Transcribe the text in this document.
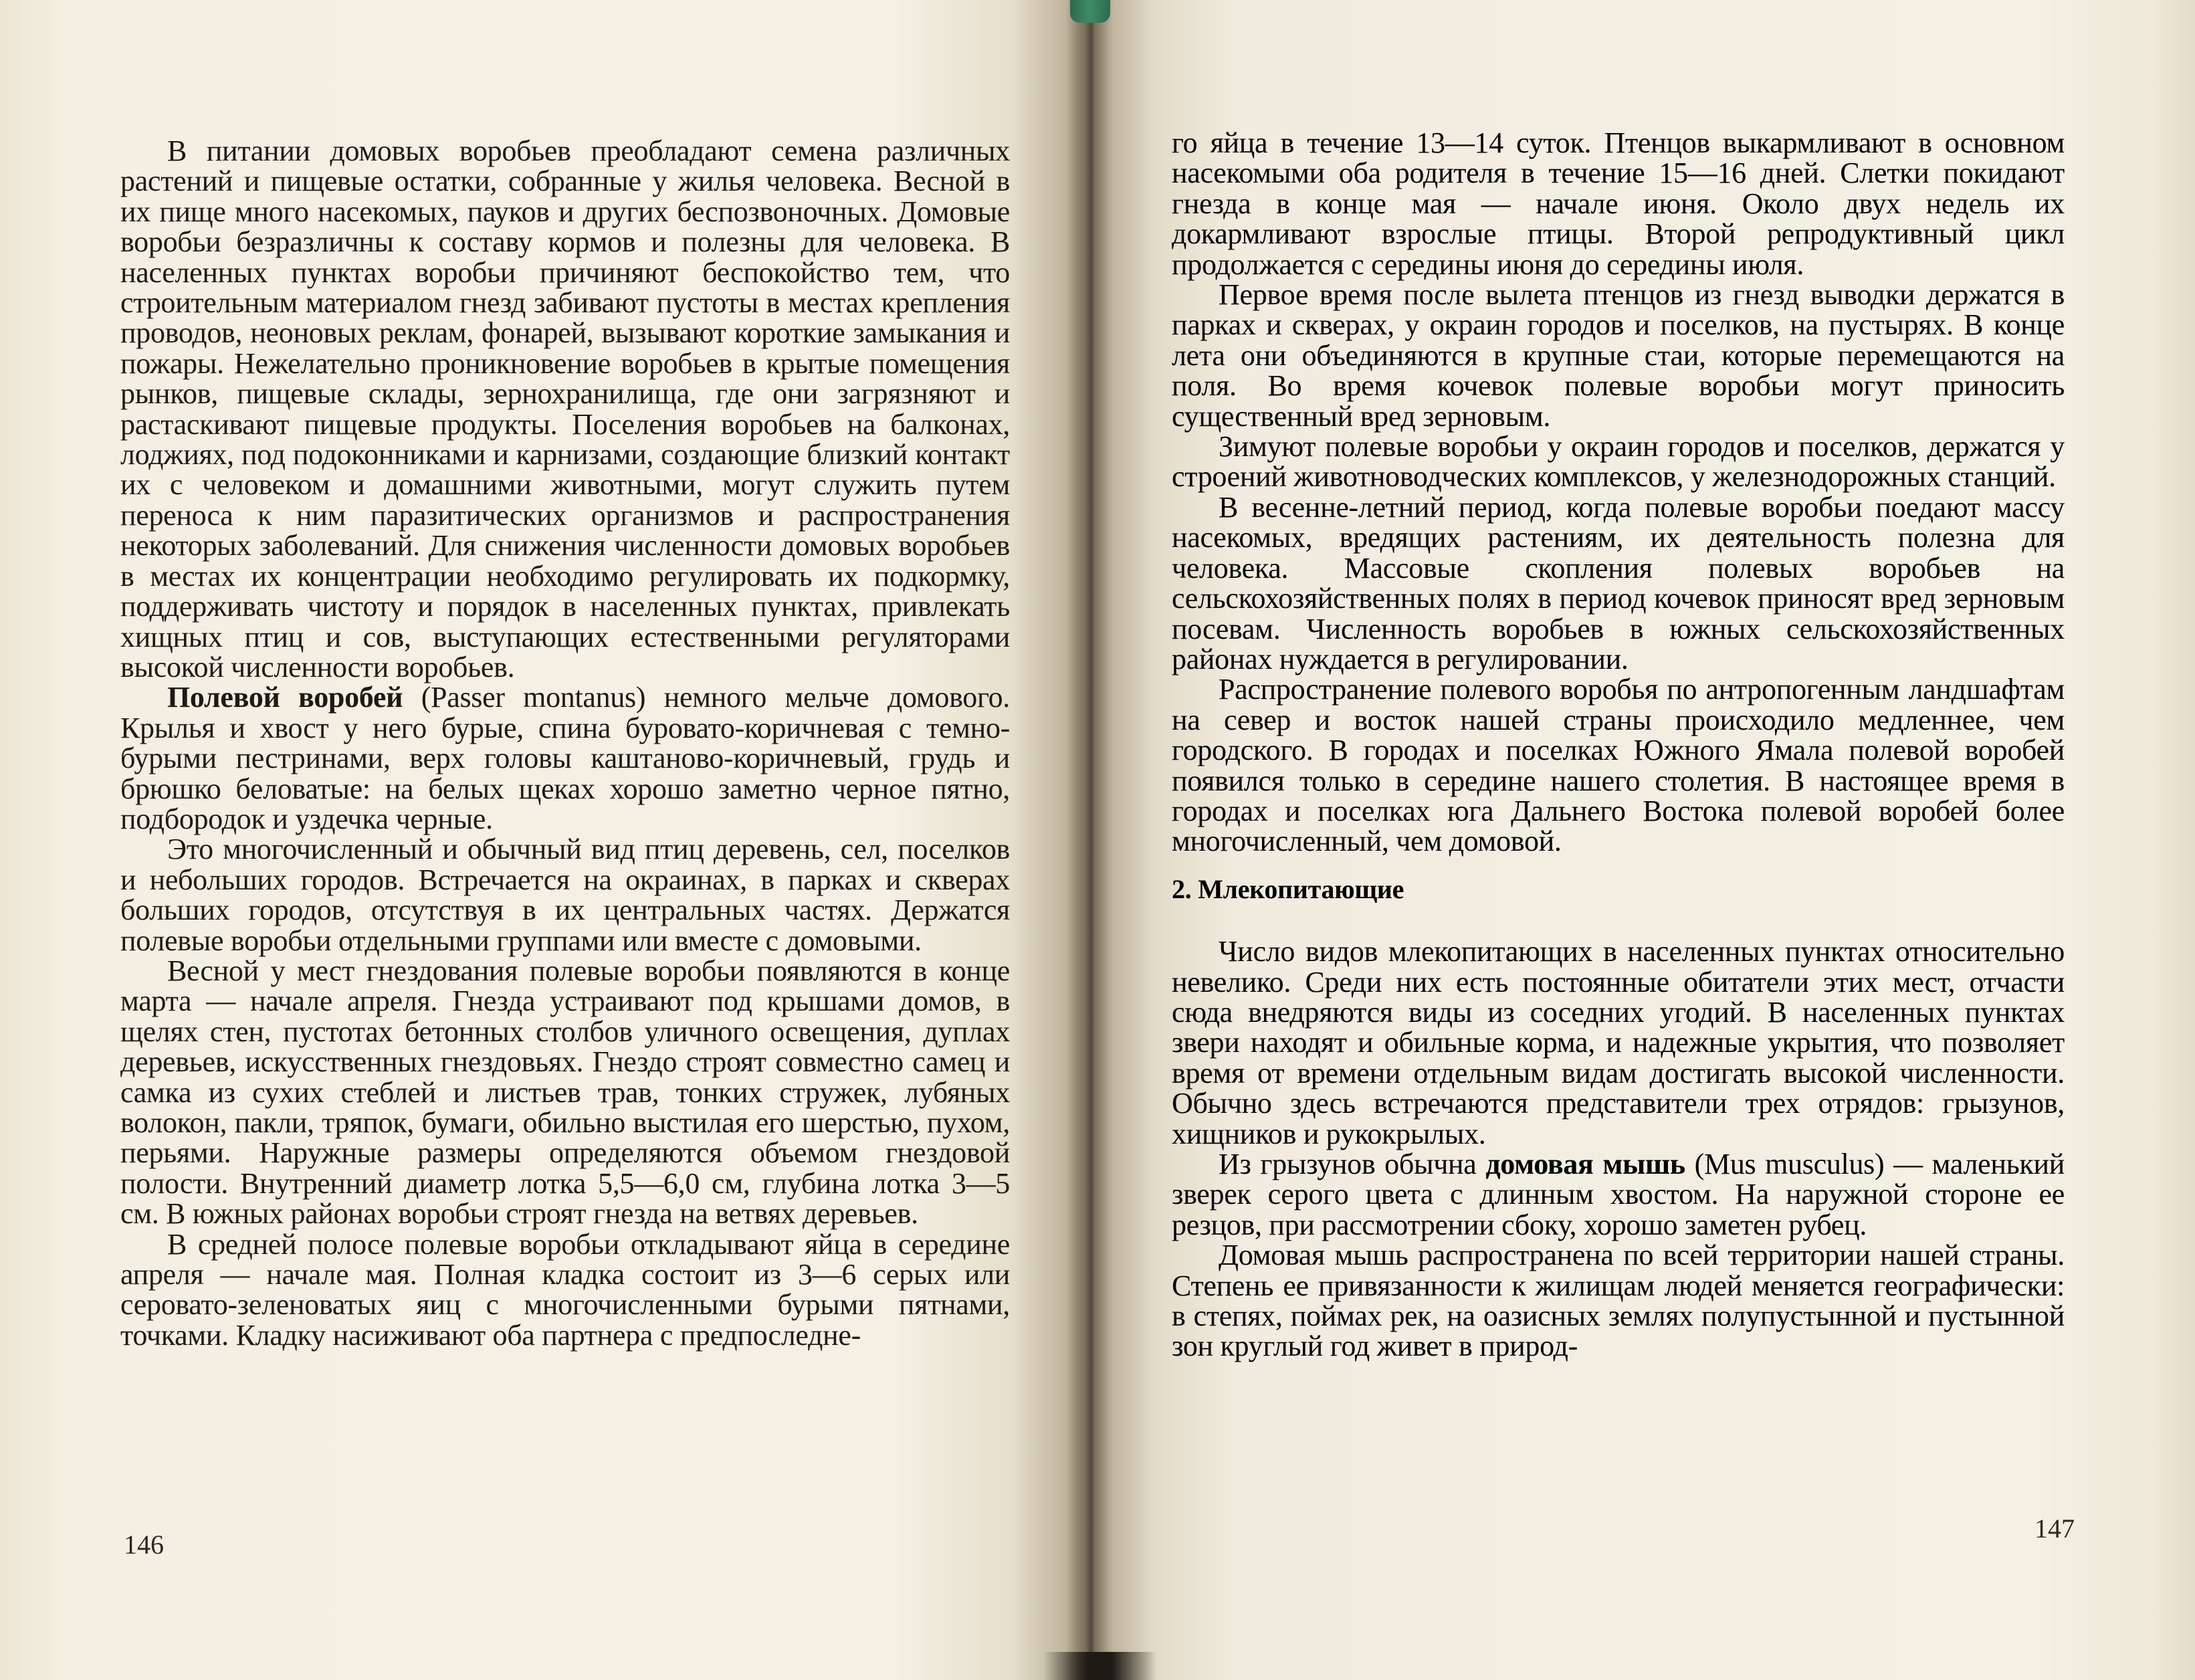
В питании домовых воробьев преобладают семена различных растений и пищевые остатки, собранные у жилья человека. Весной в их пище много насекомых, пауков и других беспозвоночных. Домовые воробьи безразличны к составу кормов и полезны для человека. В населенных пунктах воробьи причиняют беспокойство тем, что строительным материалом гнезд забивают пустоты в местах крепления проводов, неоновых реклам, фонарей, вызывают короткие замыкания и пожары. Нежелательно проникновение воробьев в крытые помещения рынков, пищевые склады, зернохранилища, где они загрязняют и растаскивают пищевые продукты. Поселения воробьев на балконах, лоджиях, под подоконниками и карнизами, создающие близкий контакт их с человеком и домашними животными, могут служить путем переноса к ним паразитических организмов и распространения некоторых заболеваний. Для снижения численности домовых воробьев в местах их концентрации необходимо регулировать их подкормку, поддерживать чистоту и порядок в населенных пунктах, привлекать хищных птиц и сов, выступающих естественными регуляторами высокой численности воробьев.

Полевой воробей (Passer montanus) немного мельче домового. Крылья и хвост у него бурые, спина буровато-коричневая с темно-бурыми пестринами, верх головы каштаново-коричневый, грудь и брюшко беловатые: на белых щеках хорошо заметно черное пятно, подбородок и уздечка черные.

Это многочисленный и обычный вид птиц деревень, сел, поселков и небольших городов. Встречается на окраинах, в парках и скверах больших городов, отсутствуя в их центральных частях. Держатся полевые воробьи отдельными группами или вместе с домовыми.

Весной у мест гнездования полевые воробьи появляются в конце марта — начале апреля. Гнезда устраивают под крышами домов, в щелях стен, пустотах бетонных столбов уличного освещения, дуплах деревьев, искусственных гнездовьях. Гнездо строят совместно самец и самка из сухих стеблей и листьев трав, тонких стружек, лубяных волокон, пакли, тряпок, бумаги, обильно выстилая его шерстью, пухом, перьями. Наружные размеры определяются объемом гнездовой полости. Внутренний диаметр лотка 5,5—6,0 см, глубина лотка 3—5 см. В южных районах воробьи строят гнезда на ветвях деревьев.

В средней полосе полевые воробьи откладывают яйца в середине апреля — начале мая. Полная кладка состоит из 3—6 серых или серовато-зеленоватых яиц с многочисленными бурыми пятнами, точками. Кладку насиживают оба партнера с предпоследне-

146

го яйца в течение 13—14 суток. Птенцов выкармливают в основном насекомыми оба родителя в течение 15—16 дней. Слетки покидают гнезда в конце мая — начале июня. Около двух недель их докармливают взрослые птицы. Второй репродуктивный цикл продолжается с середины июня до середины июля.

Первое время после вылета птенцов из гнезд выводки держатся в парках и скверах, у окраин городов и поселков, на пустырях. В конце лета они объединяются в крупные стаи, которые перемещаются на поля. Во время кочевок полевые воробьи могут приносить существенный вред зерновым.

Зимуют полевые воробьи у окраин городов и поселков, держатся у строений животноводческих комплексов, у железнодорожных станций.

В весенне-летний период, когда полевые воробьи поедают массу насекомых, вредящих растениям, их деятельность полезна для человека. Массовые скопления полевых воробьев на сельскохозяйственных полях в период кочевок приносят вред зерновым посевам. Численность воробьев в южных сельскохозяйственных районах нуждается в регулировании.

Распространение полевого воробья по антропогенным ландшафтам на север и восток нашей страны происходило медленнее, чем городского. В городах и поселках Южного Ямала полевой воробей появился только в середине нашего столетия. В настоящее время в городах и поселках юга Дальнего Востока полевой воробей более многочисленный, чем домовой.

2. Млекопитающие

Число видов млекопитающих в населенных пунктах относительно невелико. Среди них есть постоянные обитатели этих мест, отчасти сюда внедряются виды из соседних угодий. В населенных пунктах звери находят и обильные корма, и надежные укрытия, что позволяет время от времени отдельным видам достигать высокой численности. Обычно здесь встречаются представители трех отрядов: грызунов, хищников и рукокрылых.

Из грызунов обычна домовая мышь (Mus musculus) — маленький зверек серого цвета с длинным хвостом. На наружной стороне ее резцов, при рассмотрении сбоку, хорошо заметен рубец.

Домовая мышь распространена по всей территории нашей страны. Степень ее привязанности к жилищам людей меняется географически: в степях, поймах рек, на оазисных землях полупустынной и пустынной зон круглый год живет в природ-

147
